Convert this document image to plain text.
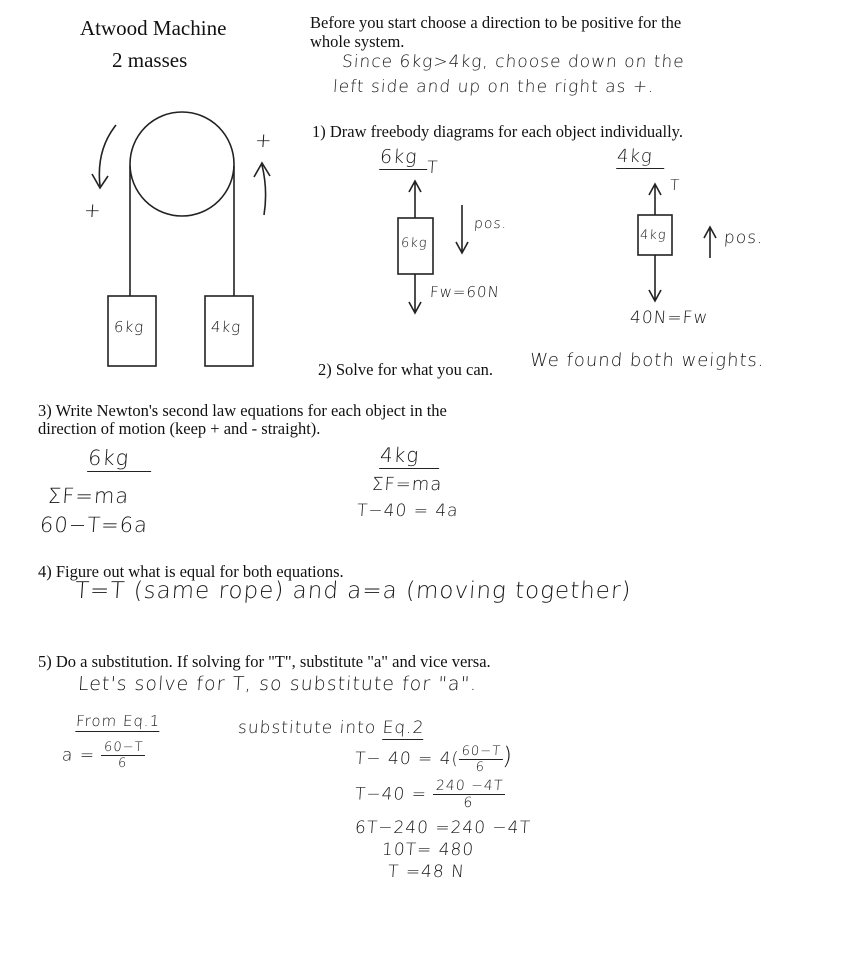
Atwood Machine
2 masses
+
+
6kg	4kg
Before you start choose a direction to be positive for the
whole system.
Since 6kg>4kg, choose down on the
left side and up on the right as +.
1) Draw freebody diagrams for each object individually.
6kg T
6kg
pos.
Fw=60N
4kg
T
4kg	pos.
40N=Fw
2) Solve for what you can. We found both weights.
3) Write Newton's second law equations for each object in the
direction of motion (keep + and - straight).
6kg
ΣF=ma
60−T=6a
4kg
ΣF=ma
T−40 = 4a
4) Figure out what is equal for both equations.
T=T (same rope) and a=a (moving together)
5) Do a substitution. If solving for "T", substitute "a" and vice versa.
Let's solve for T, so substitute for "a".
From Eq.1
$a = \frac{60-T}{6}$
substitute into Eq.2
T− 40 = 4(
$\frac{60-T}{6}$
)
$T-40 = \frac{240 -4T}{6}$
6T−240 =240 −4T
10T= 480
T =48 N
